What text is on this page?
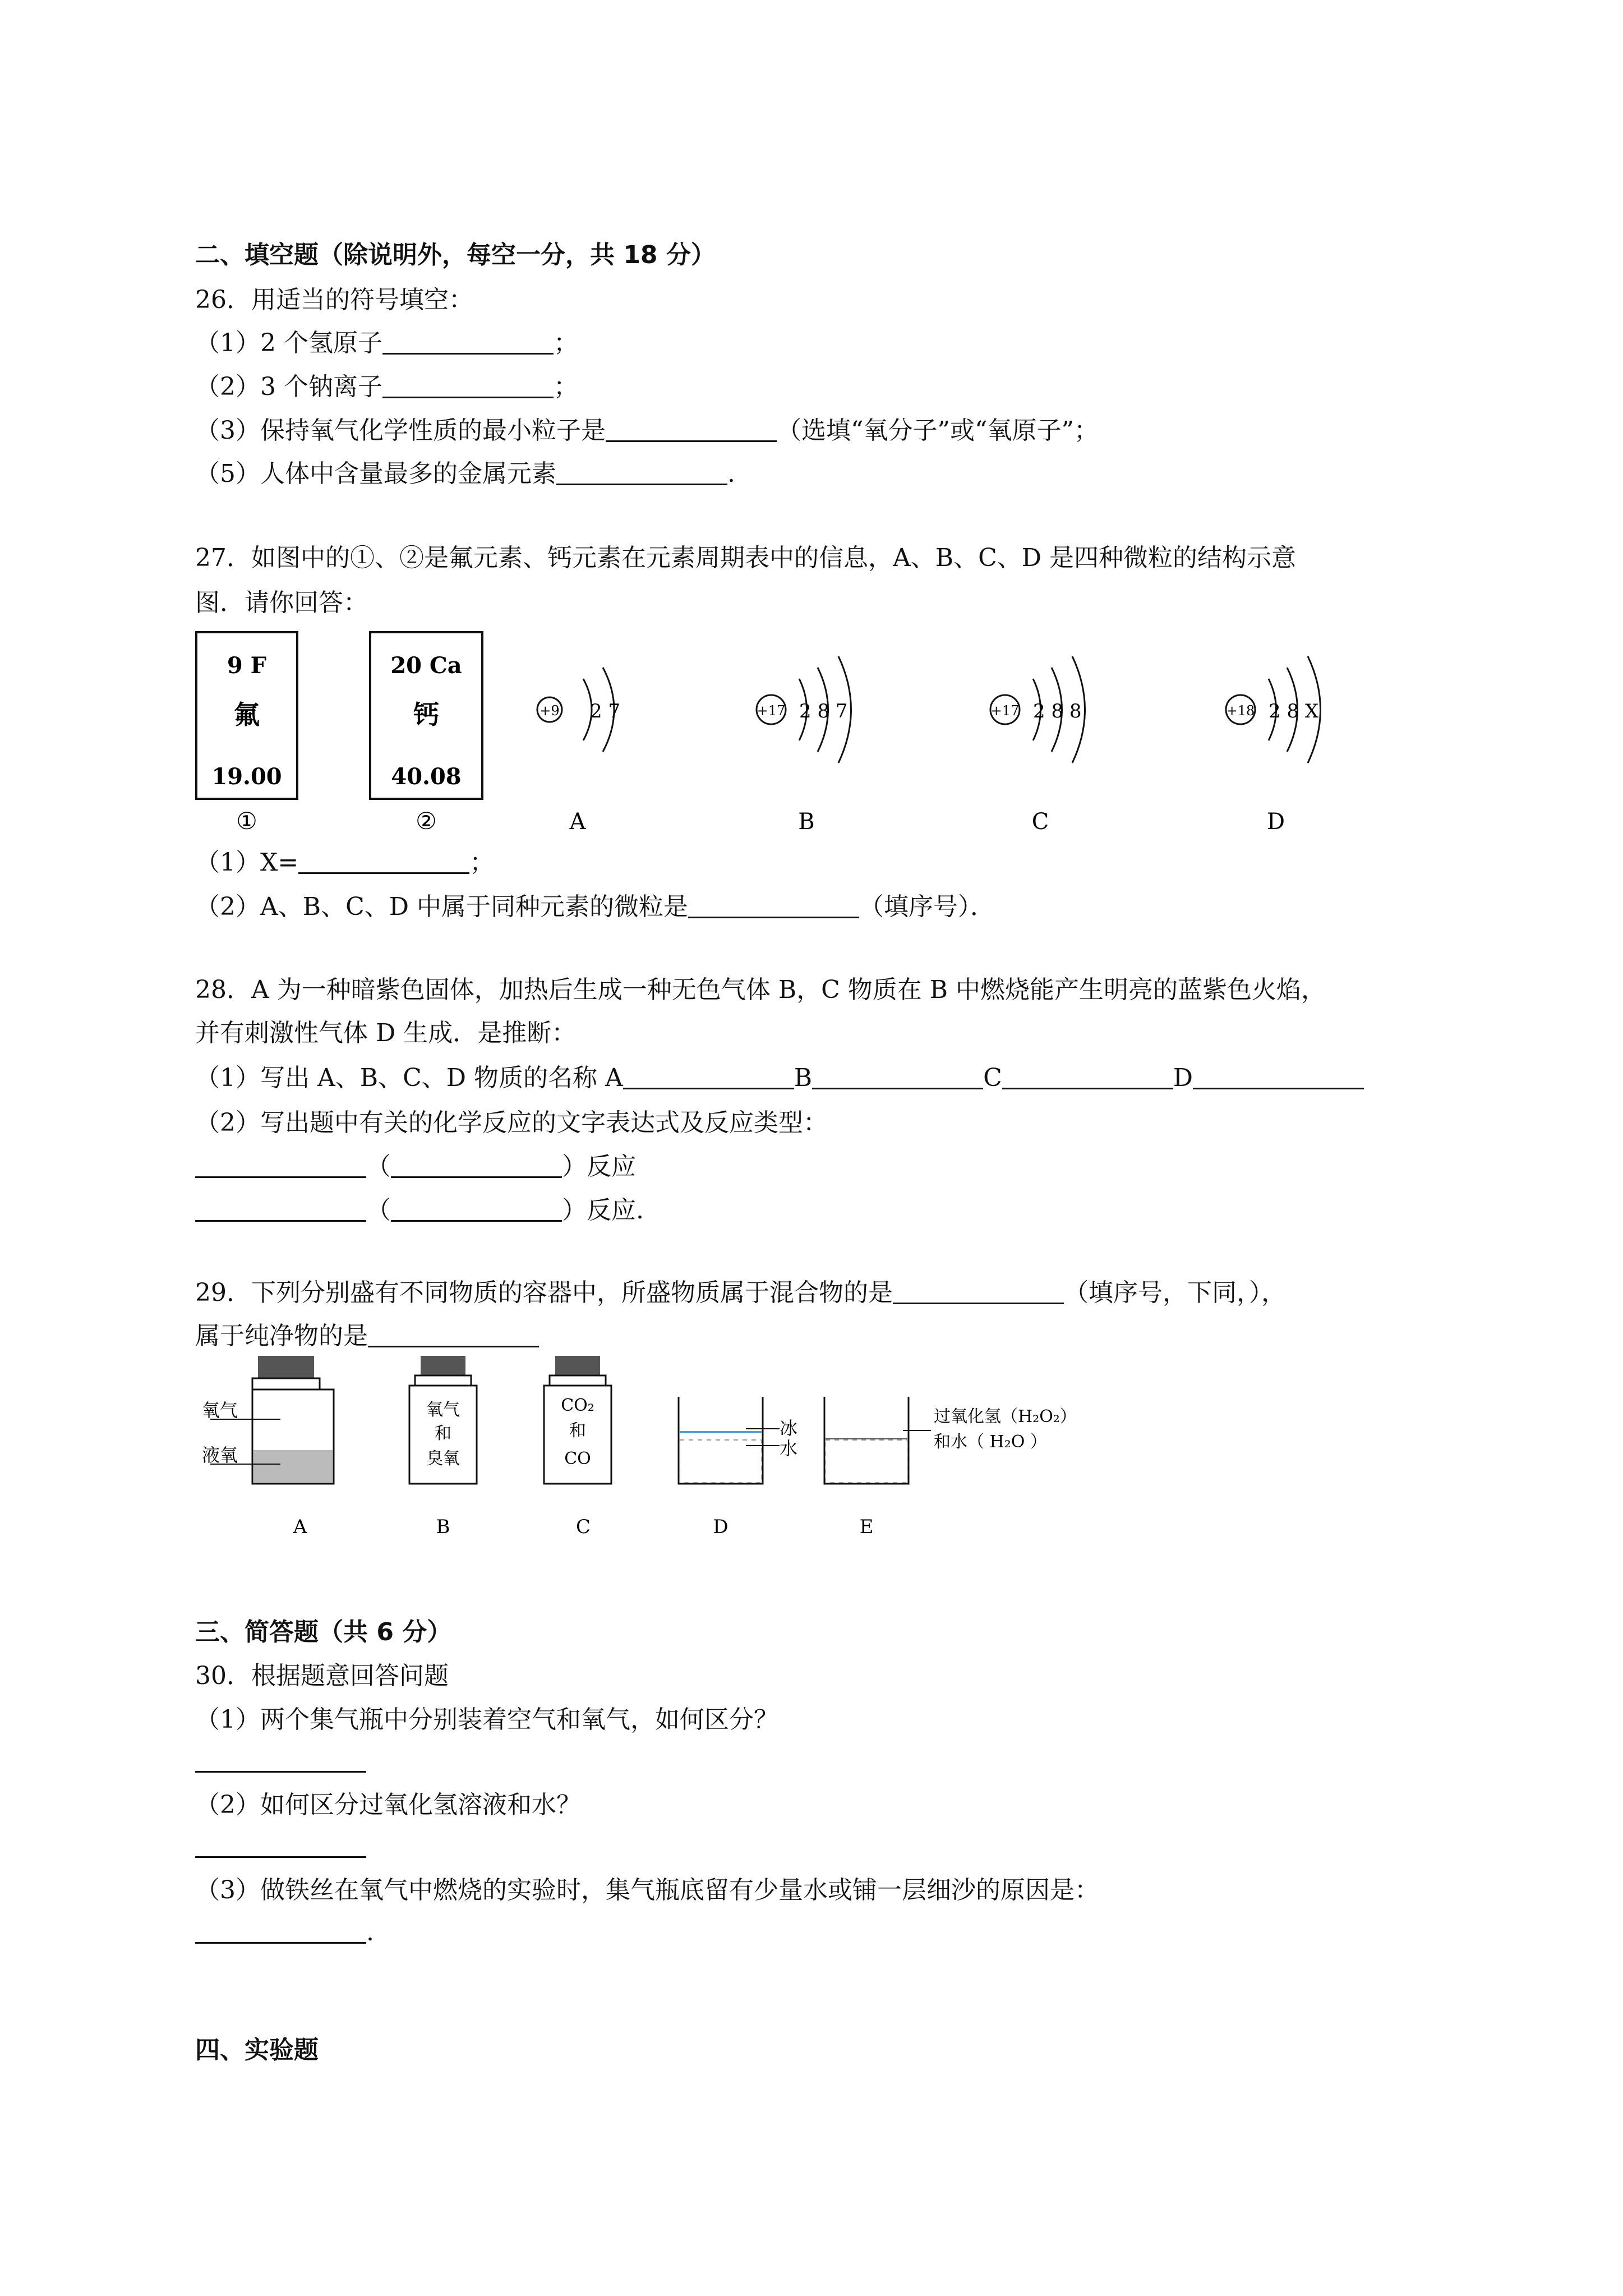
二、填空题（除说明外，每空一分，共 18 分）
26．用适当的符号填空：
（1）2 个氢原子	；
（2）3 个钠离子	；
（3）保持氧气化学性质的最小粒子是	（选填“氧分子”或“氧原子”；
（5）人体中含量最多的金属元素	.
27．如图中的①、②是氟元素、钙元素在元素周期表中的信息，A、B、C、D 是四种微粒的结构示意
图．请你回答：
9 F
氟
19.00
①
20 Ca
钙
40.08
②
+9 2 7
A
+17 2 8 7
B
+17 2 8 8
C
+18 2 8 X
D
（1）X=	；
（2）A、B、C、D 中属于同种元素的微粒是	（填序号）．
28．A 为一种暗紫色固体，加热后生成一种无色气体 B，C 物质在 B 中燃烧能产生明亮的蓝紫色火焰，
并有刺激性气体 D 生成．是推断：
（1）写出 A、B、C、D 物质的名称 A	B	C	D
（2）写出题中有关的化学反应的文字表达式及反应类型：
（	）反应
（	）反应.
29．下列分别盛有不同物质的容器中，所盛物质属于混合物的是	（填序号，下同，），
属于纯净物的是
氧气
液氧
A
氧气
和
臭氧
B
CO₂
和
CO
C
冰
水
D
过氧化氢（H₂O₂）
和水（ H₂O ）
E
三、简答题（共 6 分）
30．根据题意回答问题
（1）两个集气瓶中分别装着空气和氧气，如何区分？
（2）如何区分过氧化氢溶液和水？
（3）做铁丝在氧气中燃烧的实验时，集气瓶底留有少量水或铺一层细沙的原因是：
.
四、实验题
